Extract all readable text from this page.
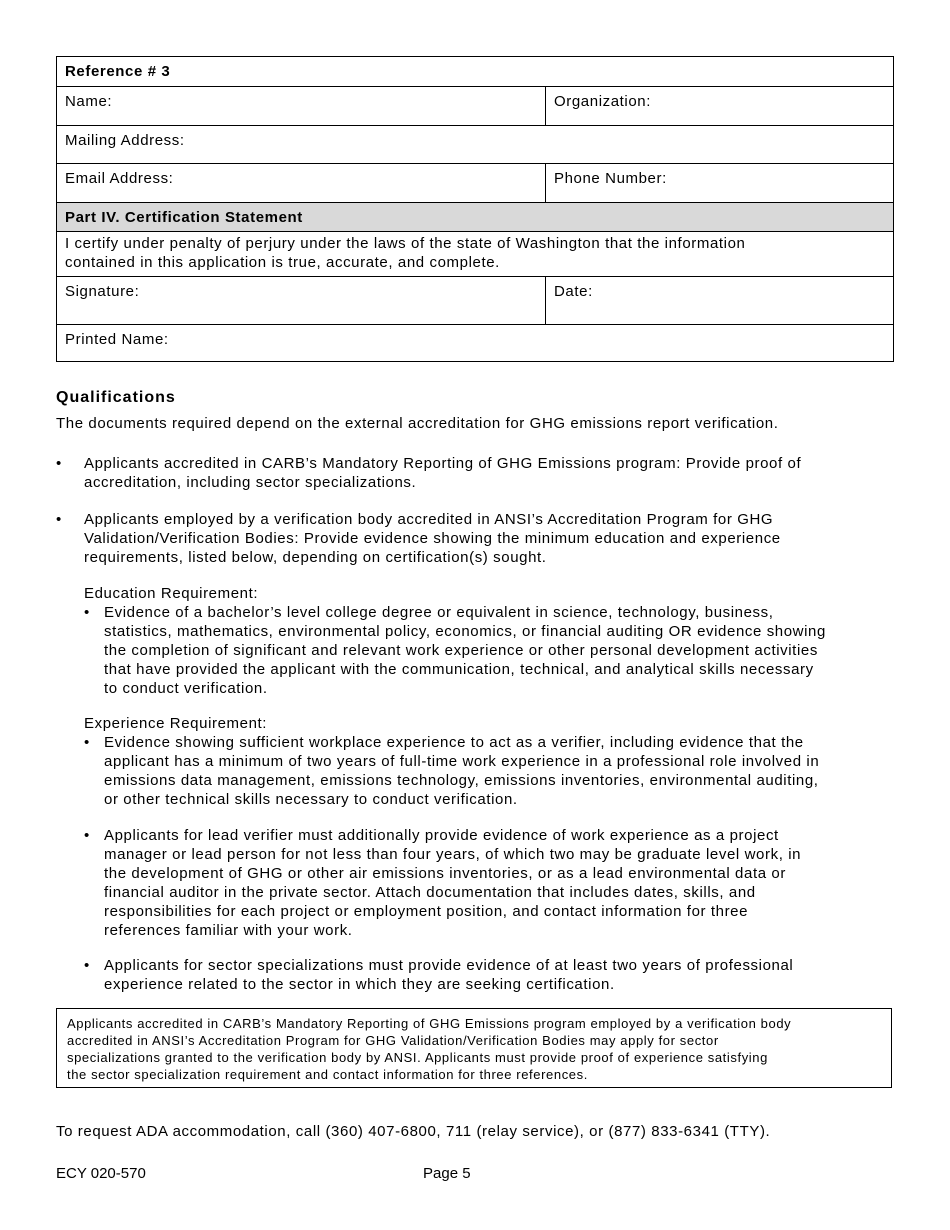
Reference # 3
Name:	Organization:
Mailing Address:
Email Address:	Phone Number:
Part IV. Certification Statement
I certify under penalty of perjury under the laws of the state of Washington that the information
contained in this application is true, accurate, and complete.
Signature:	Date:
Printed Name:
Qualifications
The documents required depend on the external accreditation for GHG emissions report verification.
• Applicants accredited in CARB’s Mandatory Reporting of GHG Emissions program: Provide proof of
accreditation, including sector specializations.
• Applicants employed by a verification body accredited in ANSI’s Accreditation Program for GHG
Validation/Verification Bodies: Provide evidence showing the minimum education and experience
requirements, listed below, depending on certification(s) sought.
Education Requirement:
• Evidence of a bachelor’s level college degree or equivalent in science, technology, business,
statistics, mathematics, environmental policy, economics, or financial auditing OR evidence showing
the completion of significant and relevant work experience or other personal development activities
that have provided the applicant with the communication, technical, and analytical skills necessary
to conduct verification.
Experience Requirement:
• Evidence showing sufficient workplace experience to act as a verifier, including evidence that the
applicant has a minimum of two years of full-time work experience in a professional role involved in
emissions data management, emissions technology, emissions inventories, environmental auditing,
or other technical skills necessary to conduct verification.
• Applicants for lead verifier must additionally provide evidence of work experience as a project
manager or lead person for not less than four years, of which two may be graduate level work, in
the development of GHG or other air emissions inventories, or as a lead environmental data or
financial auditor in the private sector. Attach documentation that includes dates, skills, and
responsibilities for each project or employment position, and contact information for three
references familiar with your work.
• Applicants for sector specializations must provide evidence of at least two years of professional
experience related to the sector in which they are seeking certification.
Applicants accredited in CARB’s Mandatory Reporting of GHG Emissions program employed by a verification body
accredited in ANSI’s Accreditation Program for GHG Validation/Verification Bodies may apply for sector
specializations granted to the verification body by ANSI. Applicants must provide proof of experience satisfying
the sector specialization requirement and contact information for three references.
To request ADA accommodation, call (360) 407-6800, 711 (relay service), or (877) 833-6341 (TTY).
ECY 020-570	Page 5
